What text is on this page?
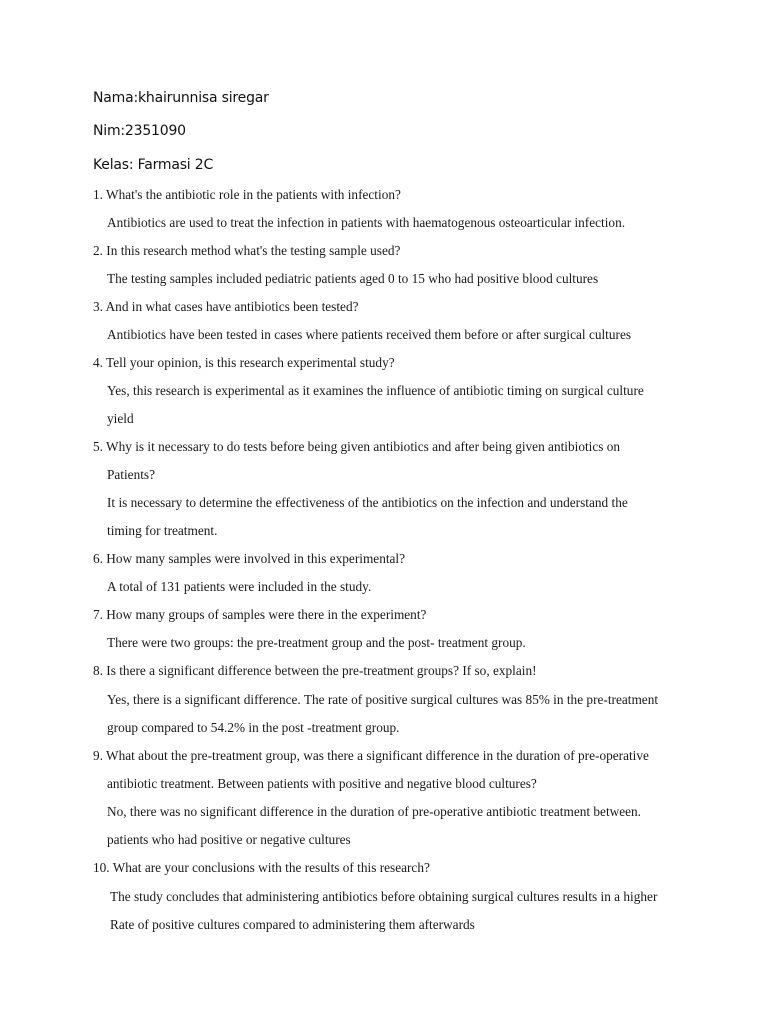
Nama:khairunnisa siregar
Nim:2351090
Kelas: Farmasi 2C
1. What's the antibiotic role in the patients with infection?
Antibiotics are used to treat the infection in patients with haematogenous osteoarticular infection.
2. In this research method what's the testing sample used?
The testing samples included pediatric patients aged 0 to 15 who had positive blood cultures
3. And in what cases have antibiotics been tested?
Antibiotics have been tested in cases where patients received them before or after surgical cultures
4. Tell your opinion, is this research experimental study?
Yes, this research is experimental as it examines the influence of antibiotic timing on surgical culture
yield
5. Why is it necessary to do tests before being given antibiotics and after being given antibiotics on
Patients?
It is necessary to determine the effectiveness of the antibiotics on the infection and understand the
timing for treatment.
6. How many samples were involved in this experimental?
A total of 131 patients were included in the study.
7. How many groups of samples were there in the experiment?
There were two groups: the pre-treatment group and the post- treatment group.
8. Is there a significant difference between the pre-treatment groups? If so, explain!
Yes, there is a significant difference. The rate of positive surgical cultures was 85% in the pre-treatment
group compared to 54.2% in the post -treatment group.
9. What about the pre-treatment group, was there a significant difference in the duration of pre-operative
antibiotic treatment. Between patients with positive and negative blood cultures?
No, there was no significant difference in the duration of pre-operative antibiotic treatment between.
patients who had positive or negative cultures
10. What are your conclusions with the results of this research?
The study concludes that administering antibiotics before obtaining surgical cultures results in a higher
Rate of positive cultures compared to administering them afterwards
